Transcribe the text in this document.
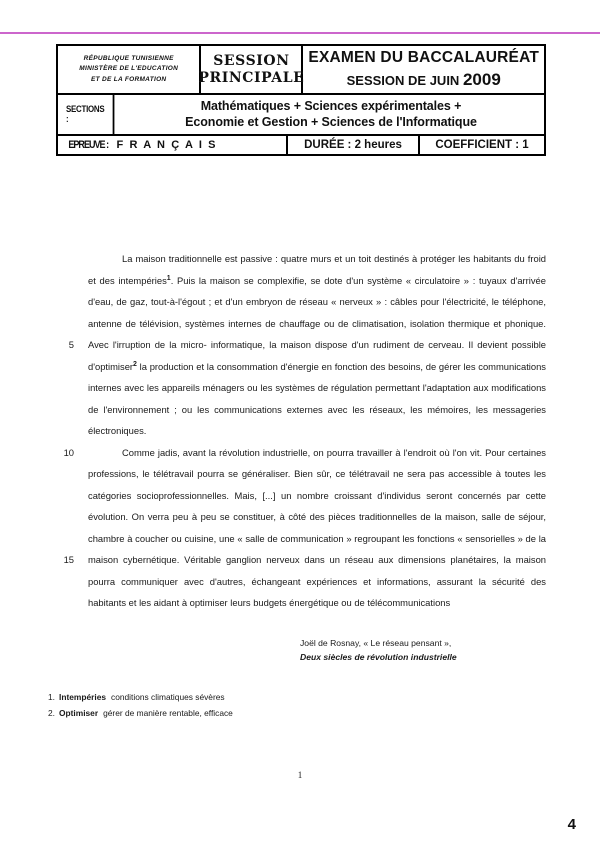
RÉPUBLIQUE TUNISIENNE
MINISTÈRE DE L'EDUCATION
ET DE LA FORMATION
SESSION
PRINCIPALE
EXAMEN DU BACCALAURÉAT
SESSION DE JUIN 2009
SECTIONS :
Mathématiques + Sciences expérimentales +
Economie et Gestion + Sciences de l'Informatique
EPREUVE : F R A N Ç A I S	DURÉE : 2 heures	COEFFICIENT : 1
5
10
15

La maison traditionnelle est passive : quatre murs et un toit destinés à protéger les habitants du froid et des intempéries$^1$. Puis la maison se complexifie, se dote d'un système « circulatoire » : tuyaux d'arrivée d'eau, de gaz, tout-à-l'égout ; et d'un embryon de réseau « nerveux » : câbles pour l'électricité, le téléphone, antenne de télévision, systèmes internes de chauffage ou de climatisation, isolation thermique et phonique. Avec l'irruption de la micro- informatique, la maison dispose d'un rudiment de cerveau. Il devient possible d'optimiser$^2$ la production et la consommation d'énergie en fonction des besoins, de gérer les communications internes avec les appareils ménagers ou les systèmes de régulation permettant l'adaptation aux modifications de l'environnement ; ou les communications externes avec les réseaux, les mémoires, les messageries électroniques.

Comme jadis, avant la révolution industrielle, on pourra travailler à l'endroit où l'on vit. Pour certaines professions, le télétravail pourra se généraliser. Bien sûr, ce télétravail ne sera pas accessible à toutes les catégories socioprofessionnelles. Mais, [...] un nombre croissant d'individus seront concernés par cette évolution. On verra peu à peu se constituer, à côté des pièces traditionnelles de la maison, salle de séjour, chambre à coucher ou cuisine, une « salle de communication » regroupant les fonctions « sensorielles » de la maison cybernétique. Véritable ganglion nerveux dans un réseau aux dimensions planétaires, la maison pourra communiquer avec d'autres, échangeant expériences et informations, assurant la sécurité des habitants et les aidant à optimiser leurs budgets énergétique ou de télécommunications

Joël de Rosnay, « Le réseau pensant »,
Deux siècles de révolution industrielle
1. Intempéries conditions climatiques sévères
2. Optimiser gérer de manière rentable, efficace
1
4
